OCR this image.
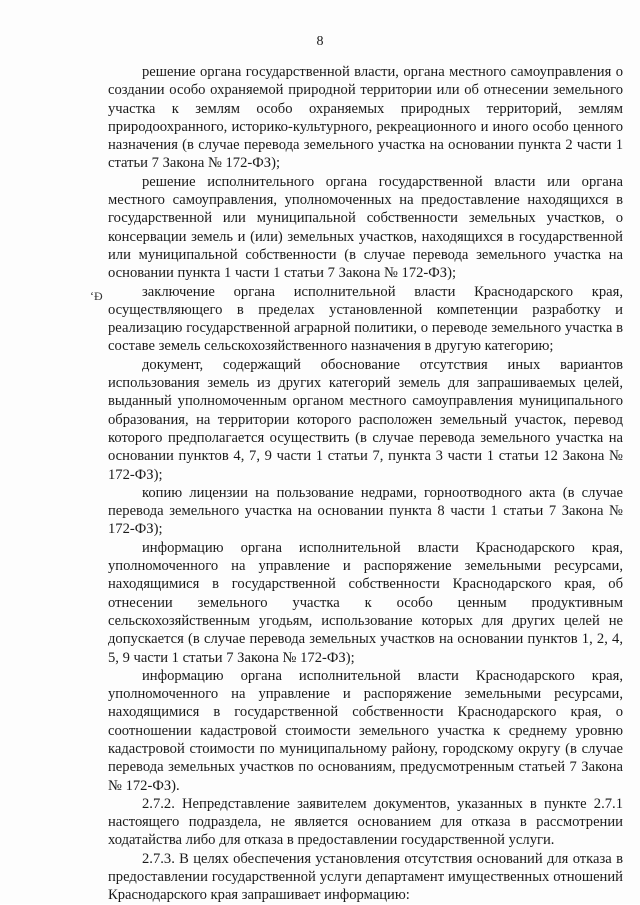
8
‘Ɖ

решение органа государственной власти, органа местного самоуправления о создании особо охраняемой природной территории или об отнесении земельного участка к землям особо охраняемых природных территорий, землям природоохранного, историко-культурного, рекреационного и иного особо ценного назначения (в случае перевода земельного участка на основании пункта 2 части 1 статьи 7 Закона № 172-ФЗ);

решение исполнительного органа государственной власти или органа местного самоуправления, уполномоченных на предоставление находящихся в государственной или муниципальной собственности земельных участков, о консервации земель и (или) земельных участков, находящихся в государственной или муниципальной собственности (в случае перевода земельного участка на основании пункта 1 части 1 статьи 7 Закона № 172-ФЗ);

заключение органа исполнительной власти Краснодарского края, осуществляющего в пределах установленной компетенции разработку и реализацию государственной аграрной политики, о переводе земельного участка в составе земель сельскохозяйственного назначения в другую категорию;

документ, содержащий обоснование отсутствия иных вариантов использования земель из других категорий земель для запрашиваемых целей, выданный уполномоченным органом местного самоуправления муниципального образования, на территории которого расположен земельный участок, перевод которого предполагается осуществить (в случае перевода земельного участка на основании пунктов 4, 7, 9 части 1 статьи 7, пункта 3 части 1 статьи 12 Закона № 172-ФЗ);

копию лицензии на пользование недрами, горноотводного акта (в случае перевода земельного участка на основании пункта 8 части 1 статьи 7 Закона № 172-ФЗ);

информацию органа исполнительной власти Краснодарского края, уполномоченного на управление и распоряжение земельными ресурсами, находящимися в государственной собственности Краснодарского края, об отнесении земельного участка к особо ценным продуктивным сельскохозяйственным угодьям, использование которых для других целей не допускается (в случае перевода земельных участков на основании пунктов 1, 2, 4, 5, 9 части 1 статьи 7 Закона № 172-ФЗ);

информацию органа исполнительной власти Краснодарского края, уполномоченного на управление и распоряжение земельными ресурсами, находящимися в государственной собственности Краснодарского края, о соотношении кадастровой стоимости земельного участка к среднему уровню кадастровой стоимости по муниципальному району, городскому округу (в случае перевода земельных участков по основаниям, предусмотренным статьей 7 Закона № 172-ФЗ).

2.7.2. Непредставление заявителем документов, указанных в пункте 2.7.1 настоящего подраздела, не является основанием для отказа в рассмотрении ходатайства либо для отказа в предоставлении государственной услуги.

2.7.3. В целях обеспечения установления отсутствия оснований для отказа в предоставлении государственной услуги департамент имущественных отношений Краснодарского края запрашивает информацию:
